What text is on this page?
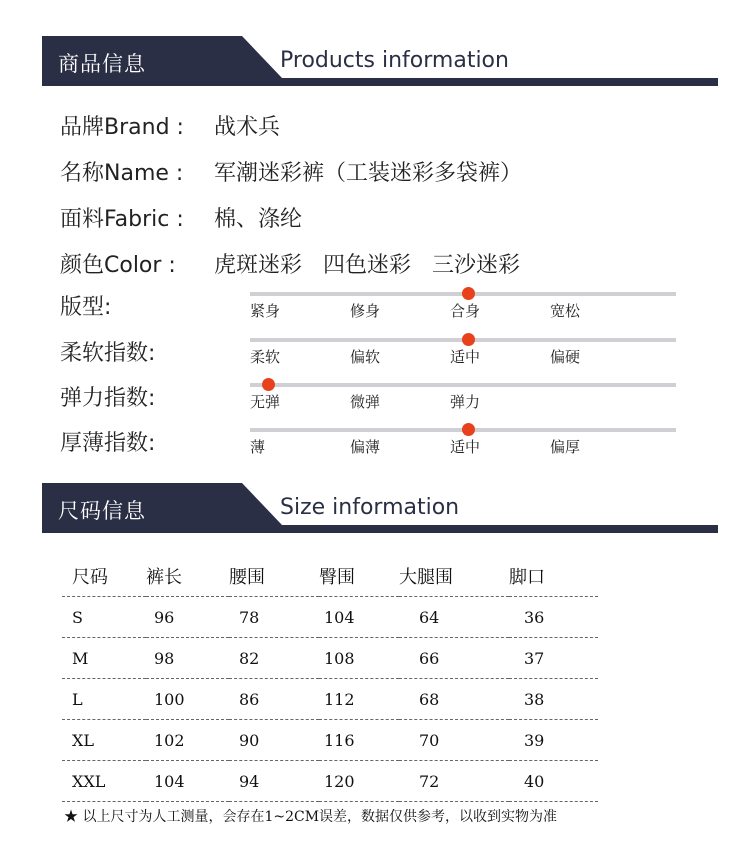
商品信息	Products information
品牌Brand : 战术兵
名称Name : 军潮迷彩裤（工装迷彩多袋裤）
面料Fabric : 棉、涤纶
颜色Color : 虎斑迷彩   四色迷彩   三沙迷彩
版型:	紧身	修身	合身	宽松
柔软指数:	柔软	偏软	适中	偏硬
弹力指数:	无弹	微弹	弹力
厚薄指数:	薄	偏薄	适中	偏厚
尺码信息	Size information
尺码	裤长	腰围	臀围	大腿围	脚口
S	96	78	104	64	36
M	98	82	108	66	37
L	100	86	112	68	38
XL	102	90	116	70	39
XXL	104	94	120	72	40
★ 以上尺寸为人工测量，会存在1~2CM误差，数据仅供参考，以收到实物为准
